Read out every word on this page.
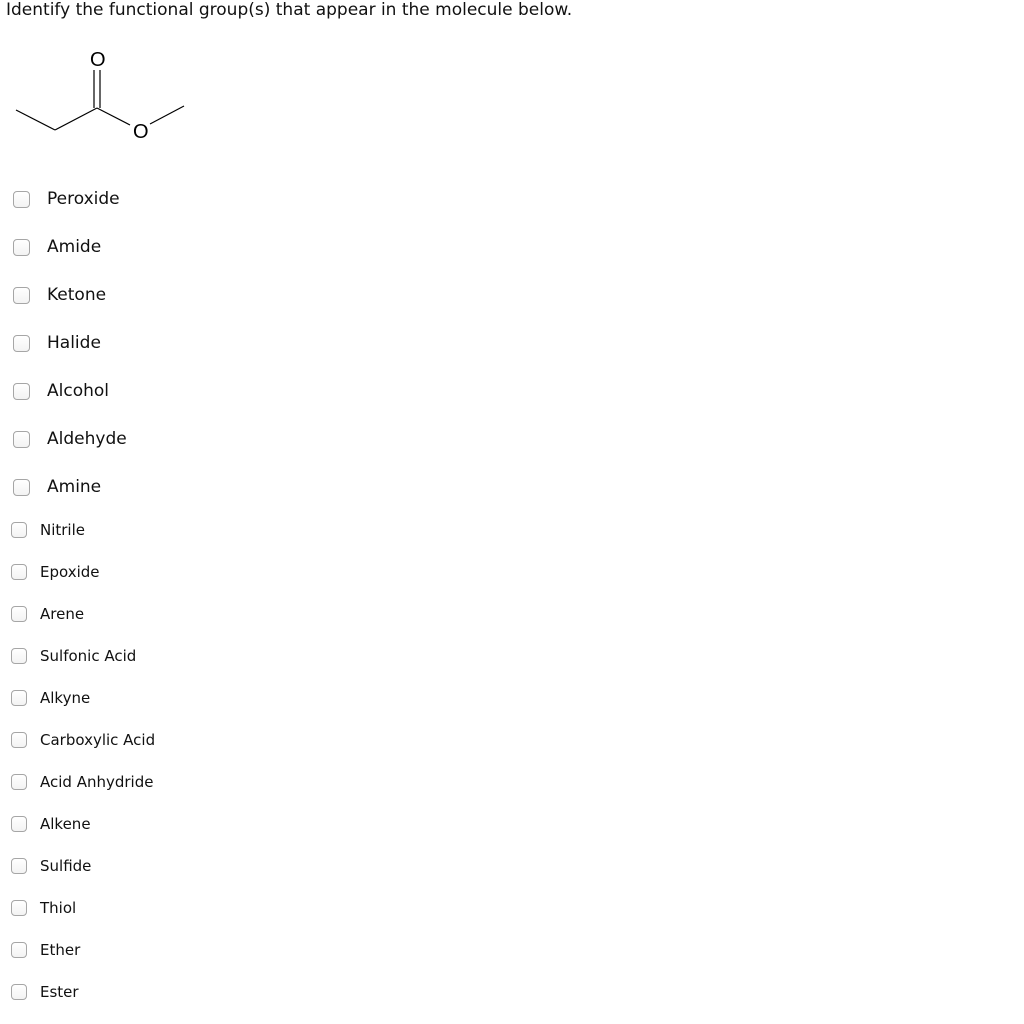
Identify the functional group(s) that appear in the molecule below.
O
O
Peroxide
Amide
Ketone
Halide
Alcohol
Aldehyde
Amine
Nitrile
Epoxide
Arene
Sulfonic Acid
Alkyne
Carboxylic Acid
Acid Anhydride
Alkene
Sulfide
Thiol
Ether
Ester
